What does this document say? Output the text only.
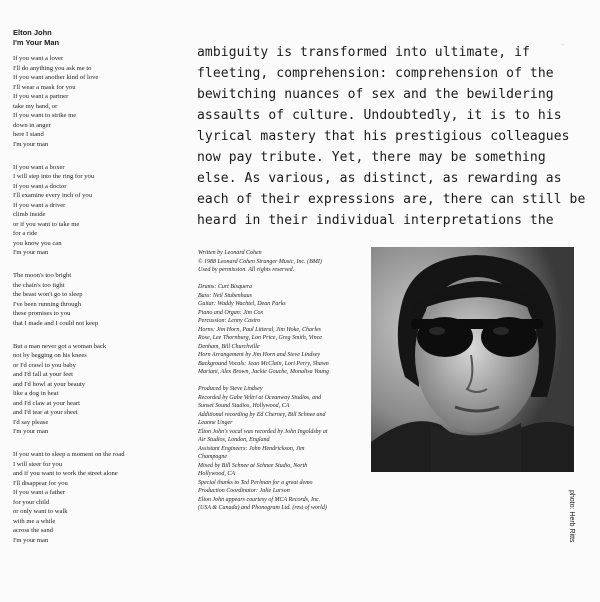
Elton John
I'm Your Man
If you want a lover
I'll do anything you ask me to
If you want another kind of love
I'll wear a mask for you
If you want a partner
take my hand, or
If you want to strike me
down in anger
here I stand
I'm your man
If you want a boxer
I will step into the ring for you
If you want a doctor
I'll examine every inch of you
If you want a driver
climb inside
or if you want to take me
for a ride
you know you can
I'm your man
The moon's too bright
the chain's too tight
the beast won't go to sleep
I've been running through
these promises to you
that I made and I could not keep
But a man never got a woman back
not by begging on his knees
or I'd crawl to you baby
and I'd fall at your feet
and I'd howl at your beauty
like a dog in heat
and I'd claw at your heart
and I'd tear at your sheet
I'd say please
I'm your man
If you want to sleep a moment on the road
I will steer for you
and if you want to work the street alone
I'll disappear for you
If you want a father
for your child
or only want to walk
with me a while
across the sand
I'm your man
ambiguity is transformed into ultimate, if
fleeting, comprehension: comprehension of the
bewitching nuances of sex and the bewildering
assaults of culture. Undoubtedly, it is to his
lyrical mastery that his prestigious colleagues
now pay tribute. Yet, there may be something
else. As various, as distinct, as rewarding as
each of their expressions are, there can still be
heard in their individual interpretations the
·
Written by Leonard Cohen
© 1988 Leonard Cohen Stranger Music, Inc. (BMI)
Used by permission. All rights reserved.
Drums: Curt Bisquera
Bass: Neil Stubenhaus
Guitar: Waddy Wachtel, Dean Parks
Piano and Organ: Jim Cox
Percussion: Lenny Castro
Horns: Jim Horn, Paul Litteral, Jim Hoke, Charles
Rose, Lee Thornburg, Lon Price, Greg Smith, Vince
Denham, Bill Churchville
Horn Arrangement by Jim Horn and Steve Lindsey
Background Vocals: Jean McClain, Lori Perry, Shawn
Mariani, Alex Brown, Jackie Gouche, Monalisa Young
Produced by Steve Lindsey
Recorded by Gabe Veltri at Oceanway Studios, and
Sunset Sound Studios, Hollywood, CA
Additional recording by Ed Cherney, Bill Schnee and
Leanne Unger
Elton John's vocal was recorded by John Ingoldsby at
Air Studios, London, England
Assistant Engineers: John Hendrickson, Jim
Champagne
Mixed by Bill Schnee at Schnee Studio, North
Hollywood, CA
Special thanks to Ted Perlman for a great demo
Production Coordinator: Julie Larson
Elton John appears courtesy of MCA Records, Inc.
(USA & Canada) and Phonogram Ltd. (rest of world)	photo: Herb Ritts
